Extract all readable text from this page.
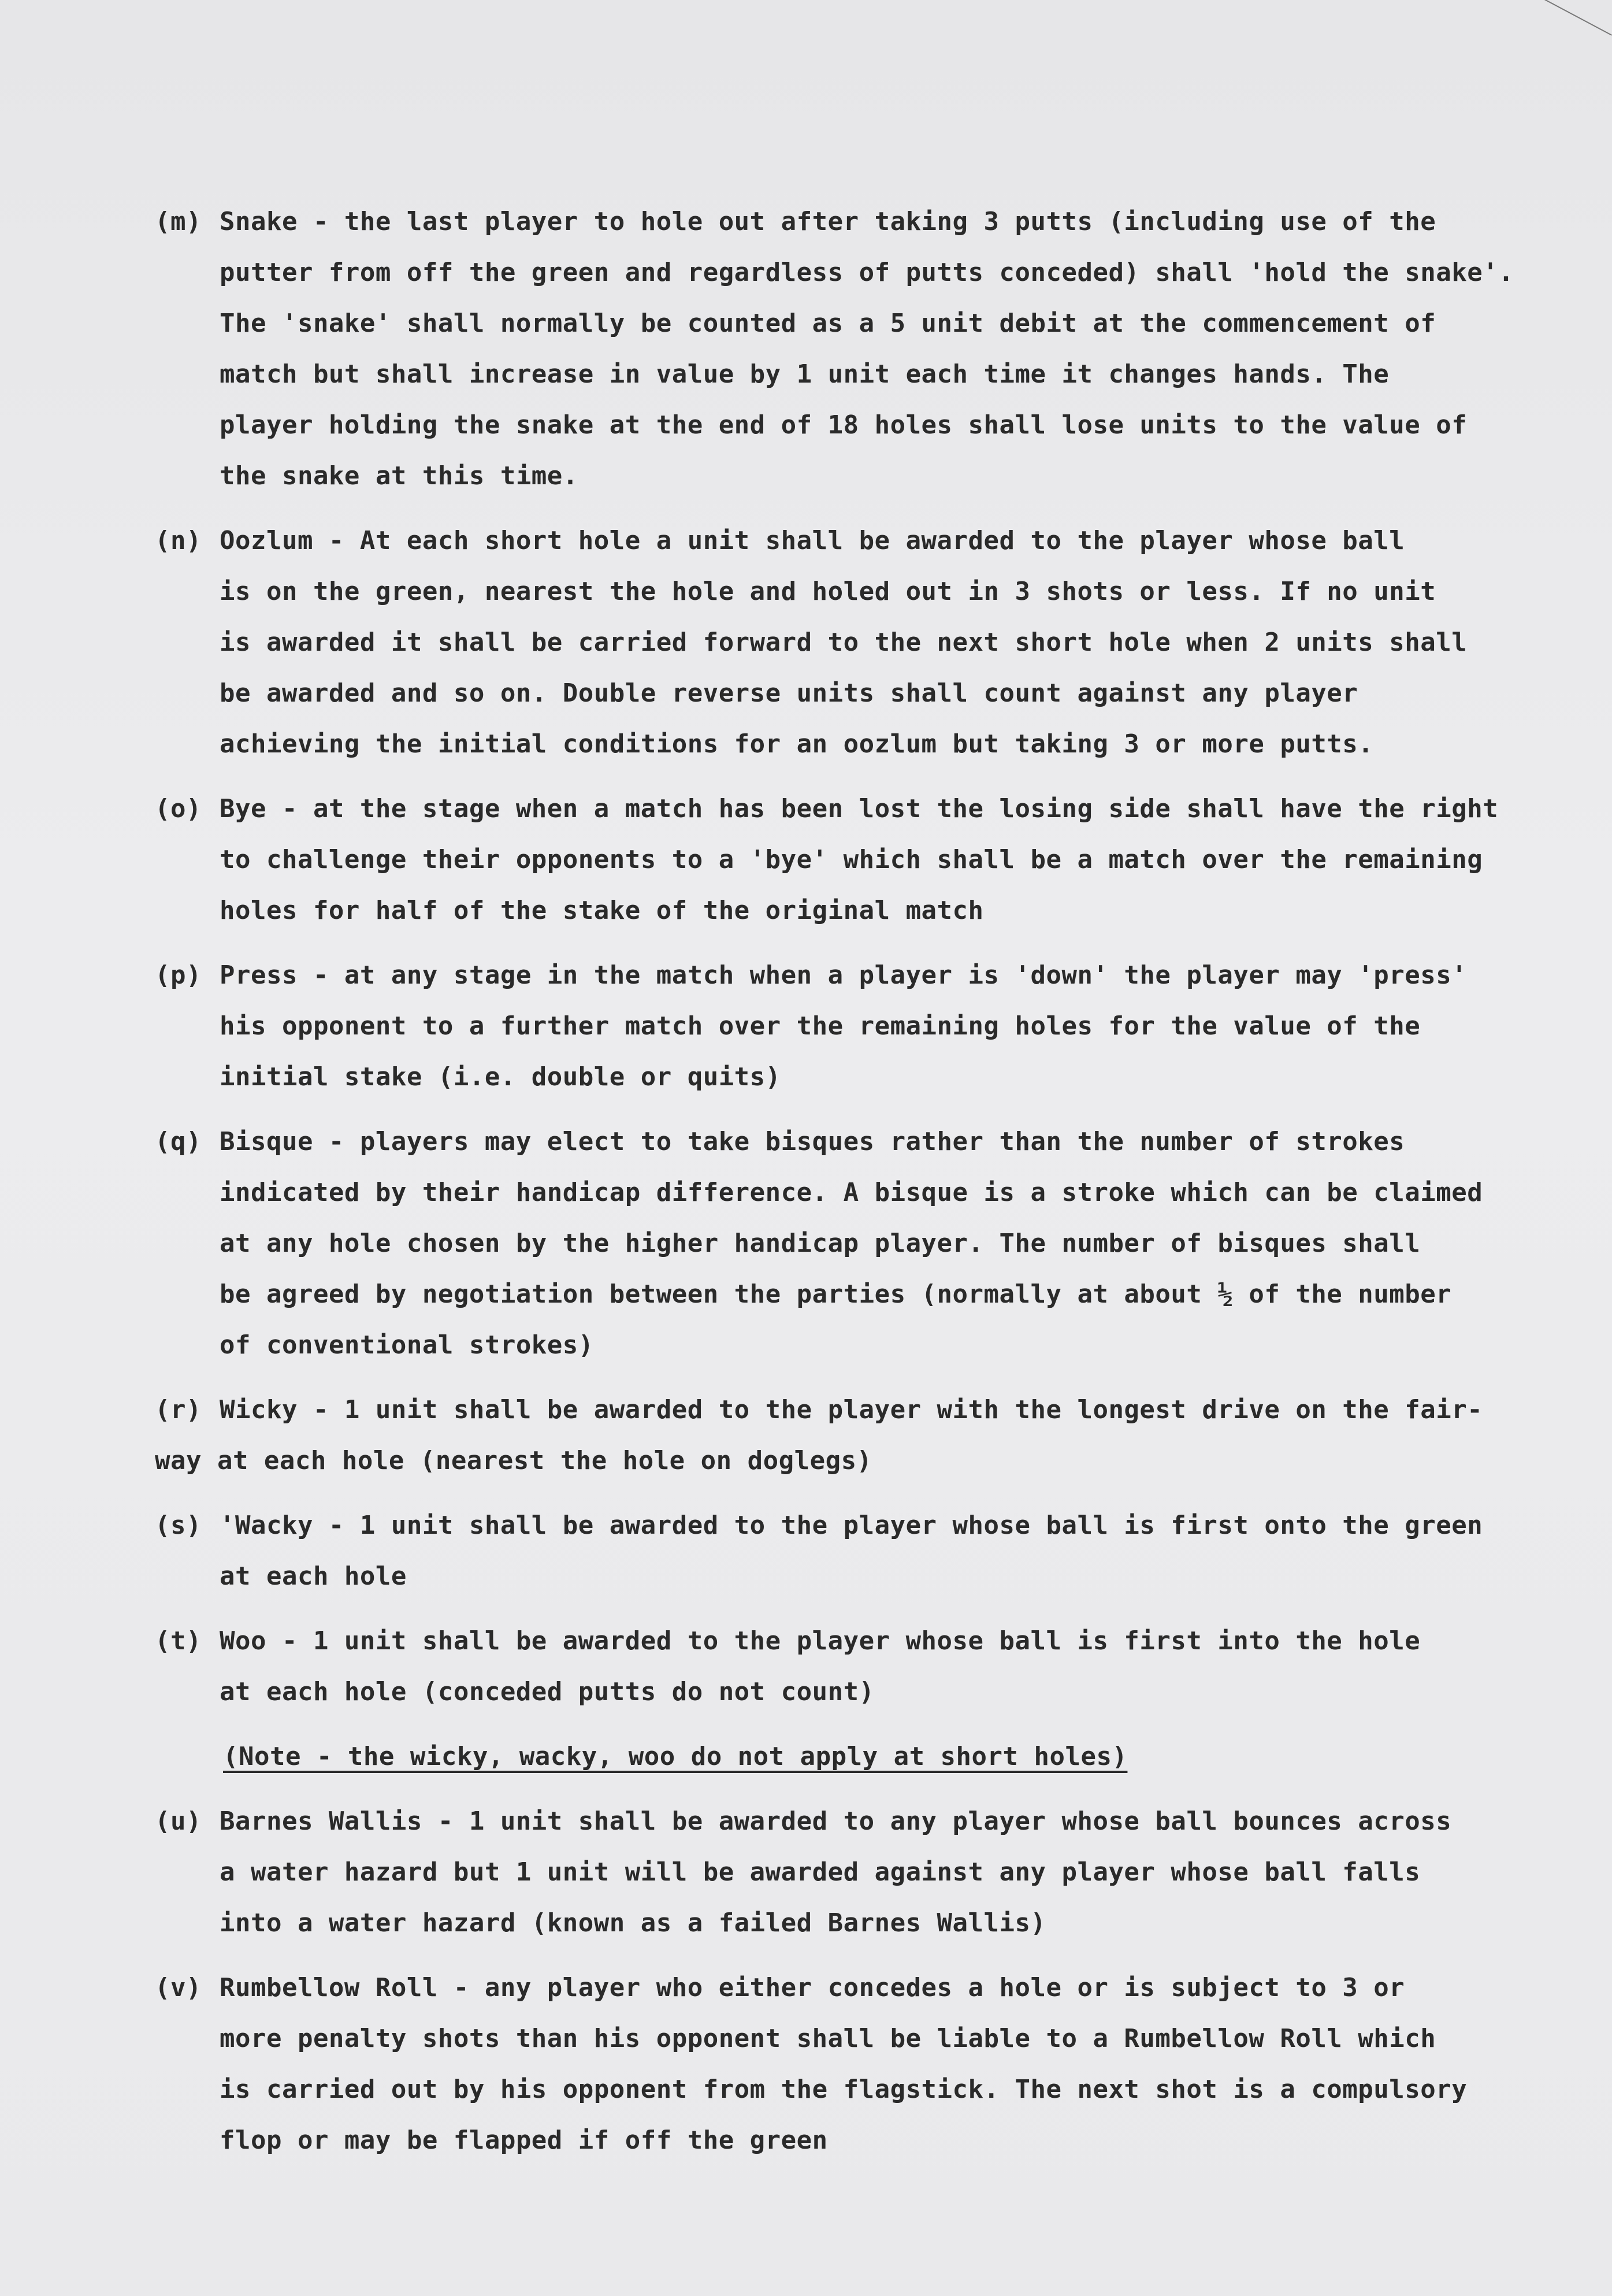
(m) Snake - the last player to hole out after taking 3 putts (including use of the
putter from off the green and regardless of putts conceded) shall 'hold the snake'.
The 'snake' shall normally be counted as a 5 unit debit at the commencement of
match but shall increase in value by 1 unit each time it changes hands. The
player holding the snake at the end of 18 holes shall lose units to the value of
the snake at this time.
(n) Oozlum - At each short hole a unit shall be awarded to the player whose ball
is on the green, nearest the hole and holed out in 3 shots or less. If no unit
is awarded it shall be carried forward to the next short hole when 2 units shall
be awarded and so on. Double reverse units shall count against any player
achieving the initial conditions for an oozlum but taking 3 or more putts.
(o) Bye - at the stage when a match has been lost the losing side shall have the right
to challenge their opponents to a 'bye' which shall be a match over the remaining
holes for half of the stake of the original match
(p) Press - at any stage in the match when a player is 'down' the player may 'press'
his opponent to a further match over the remaining holes for the value of the
initial stake (i.e. double or quits)
(q) Bisque - players may elect to take bisques rather than the number of strokes
indicated by their handicap difference. A bisque is a stroke which can be claimed
at any hole chosen by the higher handicap player. The number of bisques shall
be agreed by negotiation between the parties (normally at about ½ of the number
of conventional strokes)
(r) Wicky - 1 unit shall be awarded to the player with the longest drive on the fair-
way at each hole (nearest the hole on doglegs)
(s) 'Wacky - 1 unit shall be awarded to the player whose ball is first onto the green
at each hole
(t) Woo - 1 unit shall be awarded to the player whose ball is first into the hole
at each hole (conceded putts do not count)
(Note - the wicky, wacky, woo do not apply at short holes)
(u) Barnes Wallis - 1 unit shall be awarded to any player whose ball bounces across
a water hazard but 1 unit will be awarded against any player whose ball falls
into a water hazard (known as a failed Barnes Wallis)
(v) Rumbellow Roll - any player who either concedes a hole or is subject to 3 or
more penalty shots than his opponent shall be liable to a Rumbellow Roll which
is carried out by his opponent from the flagstick. The next shot is a compulsory
flop or may be flapped if off the green
